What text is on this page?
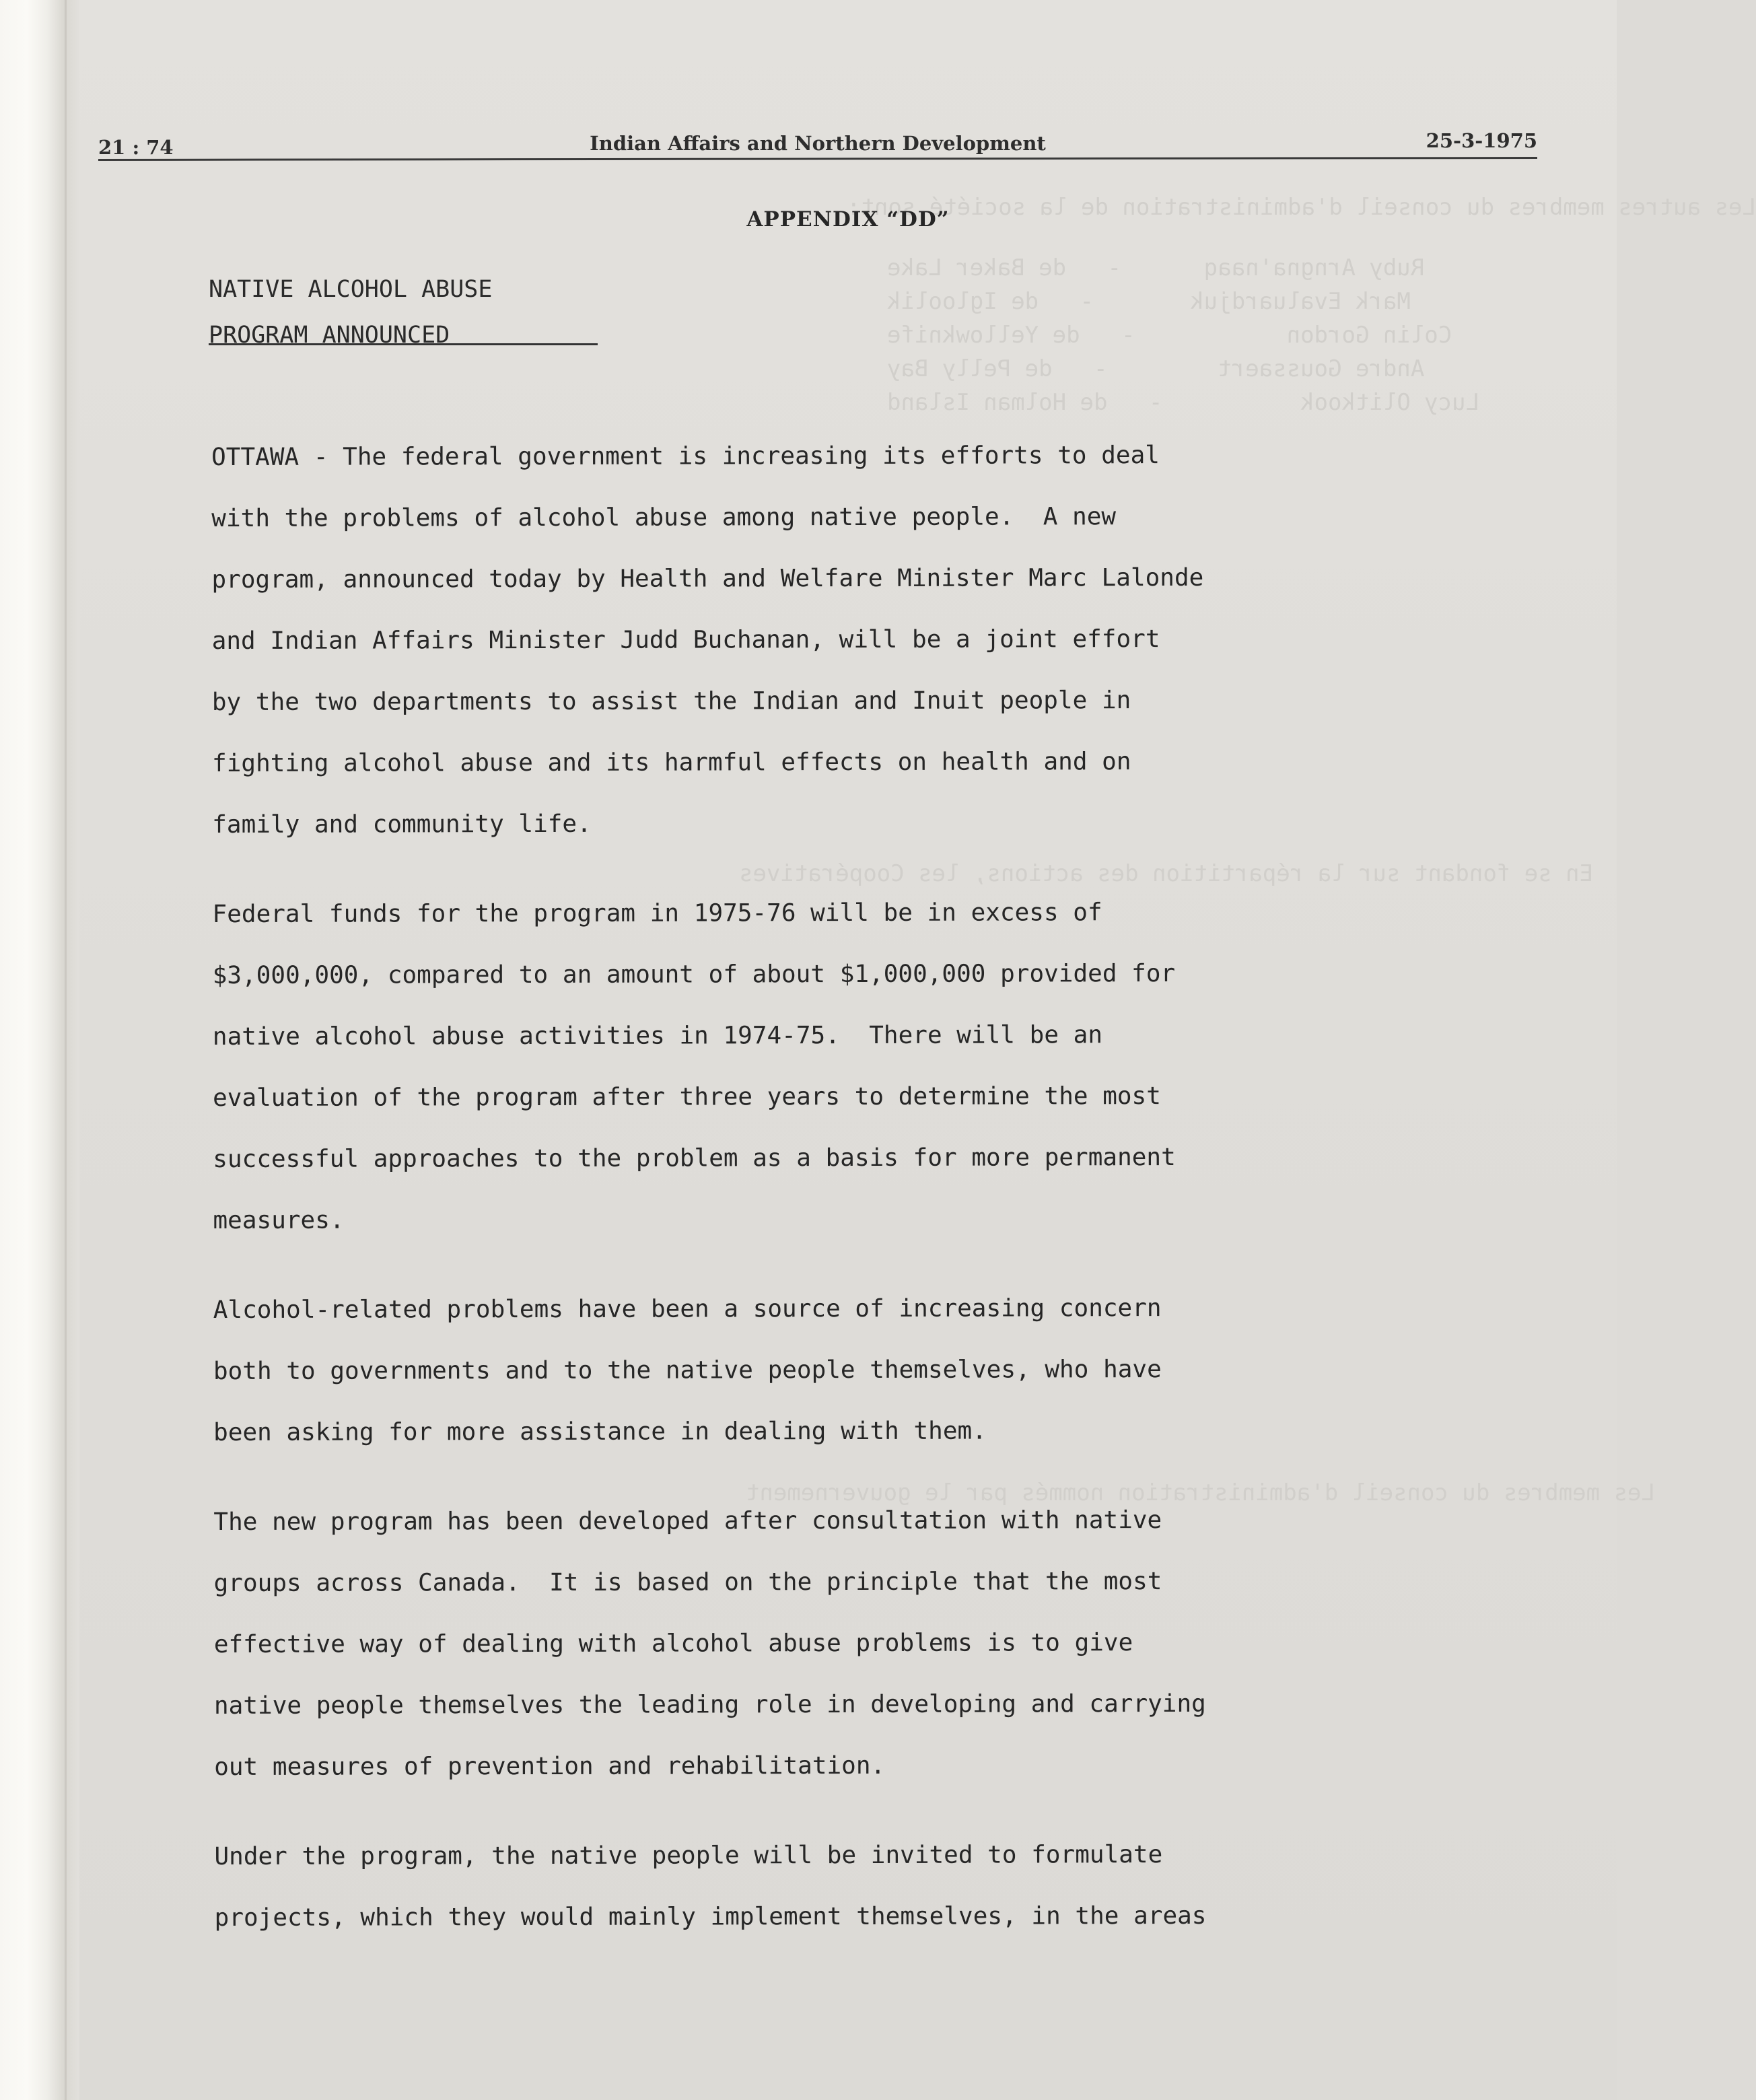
Les autres membres du conseil d'administration de la société sont:
Ruby Arngna'naaq      -   de Baker Lake
Mark Evaluardjuk       -   de Igloolik
Colin Gordon           -   de Yellowknife
Andre Goussaert        -   de Pelly Bay
Lucy Olitkook          -   de Holman Island
En se fondant sur la répartition des actions, les Coopératives
Les membres du conseil d'administration nommés par le gouvernement
21 : 74	Indian Affairs and Northern Development	25-3-1975
APPENDIX “DD”
NATIVE ALCOHOL ABUSE
PROGRAM ANNOUNCED
OTTAWA - The federal government is increasing its efforts to deal
with the problems of alcohol abuse among native people.  A new
program, announced today by Health and Welfare Minister Marc Lalonde
and Indian Affairs Minister Judd Buchanan, will be a joint effort
by the two departments to assist the Indian and Inuit people in
fighting alcohol abuse and its harmful effects on health and on
family and community life.
Federal funds for the program in 1975-76 will be in excess of
$3,000,000, compared to an amount of about $1,000,000 provided for
native alcohol abuse activities in 1974-75.  There will be an
evaluation of the program after three years to determine the most
successful approaches to the problem as a basis for more permanent
measures.
Alcohol-related problems have been a source of increasing concern
both to governments and to the native people themselves, who have
been asking for more assistance in dealing with them.
The new program has been developed after consultation with native
groups across Canada.  It is based on the principle that the most
effective way of dealing with alcohol abuse problems is to give
native people themselves the leading role in developing and carrying
out measures of prevention and rehabilitation.
Under the program, the native people will be invited to formulate
projects, which they would mainly implement themselves, in the areas
